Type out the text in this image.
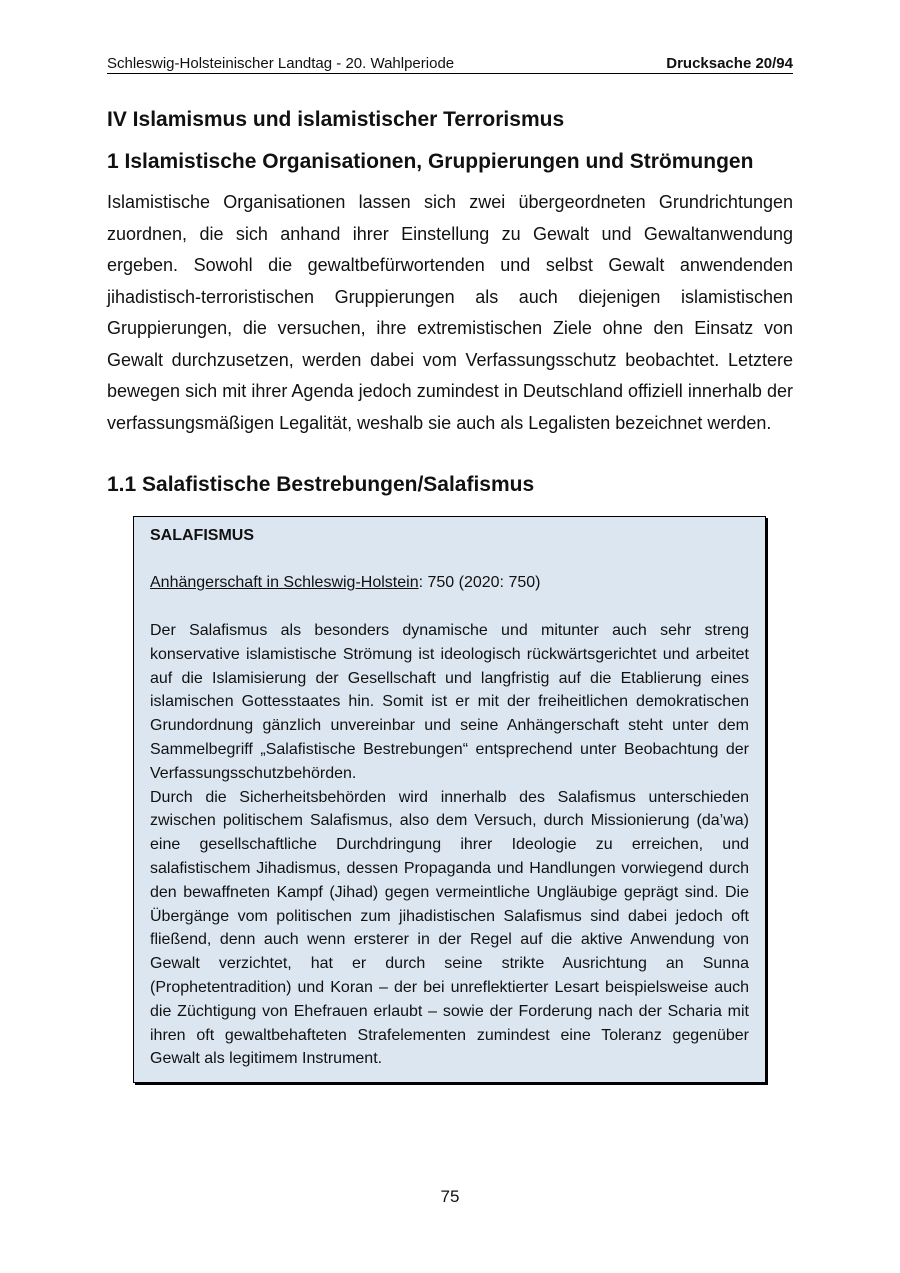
Schleswig-Holsteinischer Landtag - 20. Wahlperiode	Drucksache 20/94
IV Islamismus und islamistischer Terrorismus
1 Islamistische Organisationen, Gruppierungen und Strömungen

Islamistische Organisationen lassen sich zwei übergeordneten Grundrichtungen zuordnen, die sich anhand ihrer Einstellung zu Gewalt und Gewaltanwendung ergeben. Sowohl die gewaltbefürwortenden und selbst Gewalt anwendenden jihadistisch-terroristischen Gruppierungen als auch diejenigen islamistischen Gruppierungen, die versuchen, ihre extremistischen Ziele ohne den Einsatz von Gewalt durchzusetzen, werden dabei vom Verfassungsschutz beobachtet. Letztere bewegen sich mit ihrer Agenda jedoch zumindest in Deutschland offiziell innerhalb der verfassungsmäßigen Legalität, weshalb sie auch als Legalisten bezeichnet werden.

1.1 Salafistische Bestrebungen/Salafismus

SALAFISMUS

Anhängerschaft in Schleswig-Holstein: 750 (2020: 750)

Der Salafismus als besonders dynamische und mitunter auch sehr streng konservative islamistische Strömung ist ideologisch rückwärtsgerichtet und arbeitet auf die Islamisierung der Gesellschaft und langfristig auf die Etablierung eines islamischen Gottesstaates hin. Somit ist er mit der freiheitlichen demokratischen Grundordnung gänzlich unvereinbar und seine Anhängerschaft steht unter dem Sammelbegriff „Salafistische Bestrebungen“ entsprechend unter Beobachtung der Verfassungsschutzbehörden.

Durch die Sicherheitsbehörden wird innerhalb des Salafismus unterschieden zwischen politischem Salafismus, also dem Versuch, durch Missionierung (da’wa) eine gesellschaftliche Durchdringung ihrer Ideologie zu erreichen, und salafistischem Jihadismus, dessen Propaganda und Handlungen vorwiegend durch den bewaffneten Kampf (Jihad) gegen vermeintliche Ungläubige geprägt sind. Die Übergänge vom politischen zum jihadistischen Salafismus sind dabei jedoch oft fließend, denn auch wenn ersterer in der Regel auf die aktive Anwendung von Gewalt verzichtet, hat er durch seine strikte Ausrichtung an Sunna (Prophetentradition) und Koran – der bei unreflektierter Lesart beispielsweise auch die Züchtigung von Ehefrauen erlaubt – sowie der Forderung nach der Scharia mit ihren oft gewaltbehafteten Strafelementen zumindest eine Toleranz gegenüber Gewalt als legitimem Instrument.

75
